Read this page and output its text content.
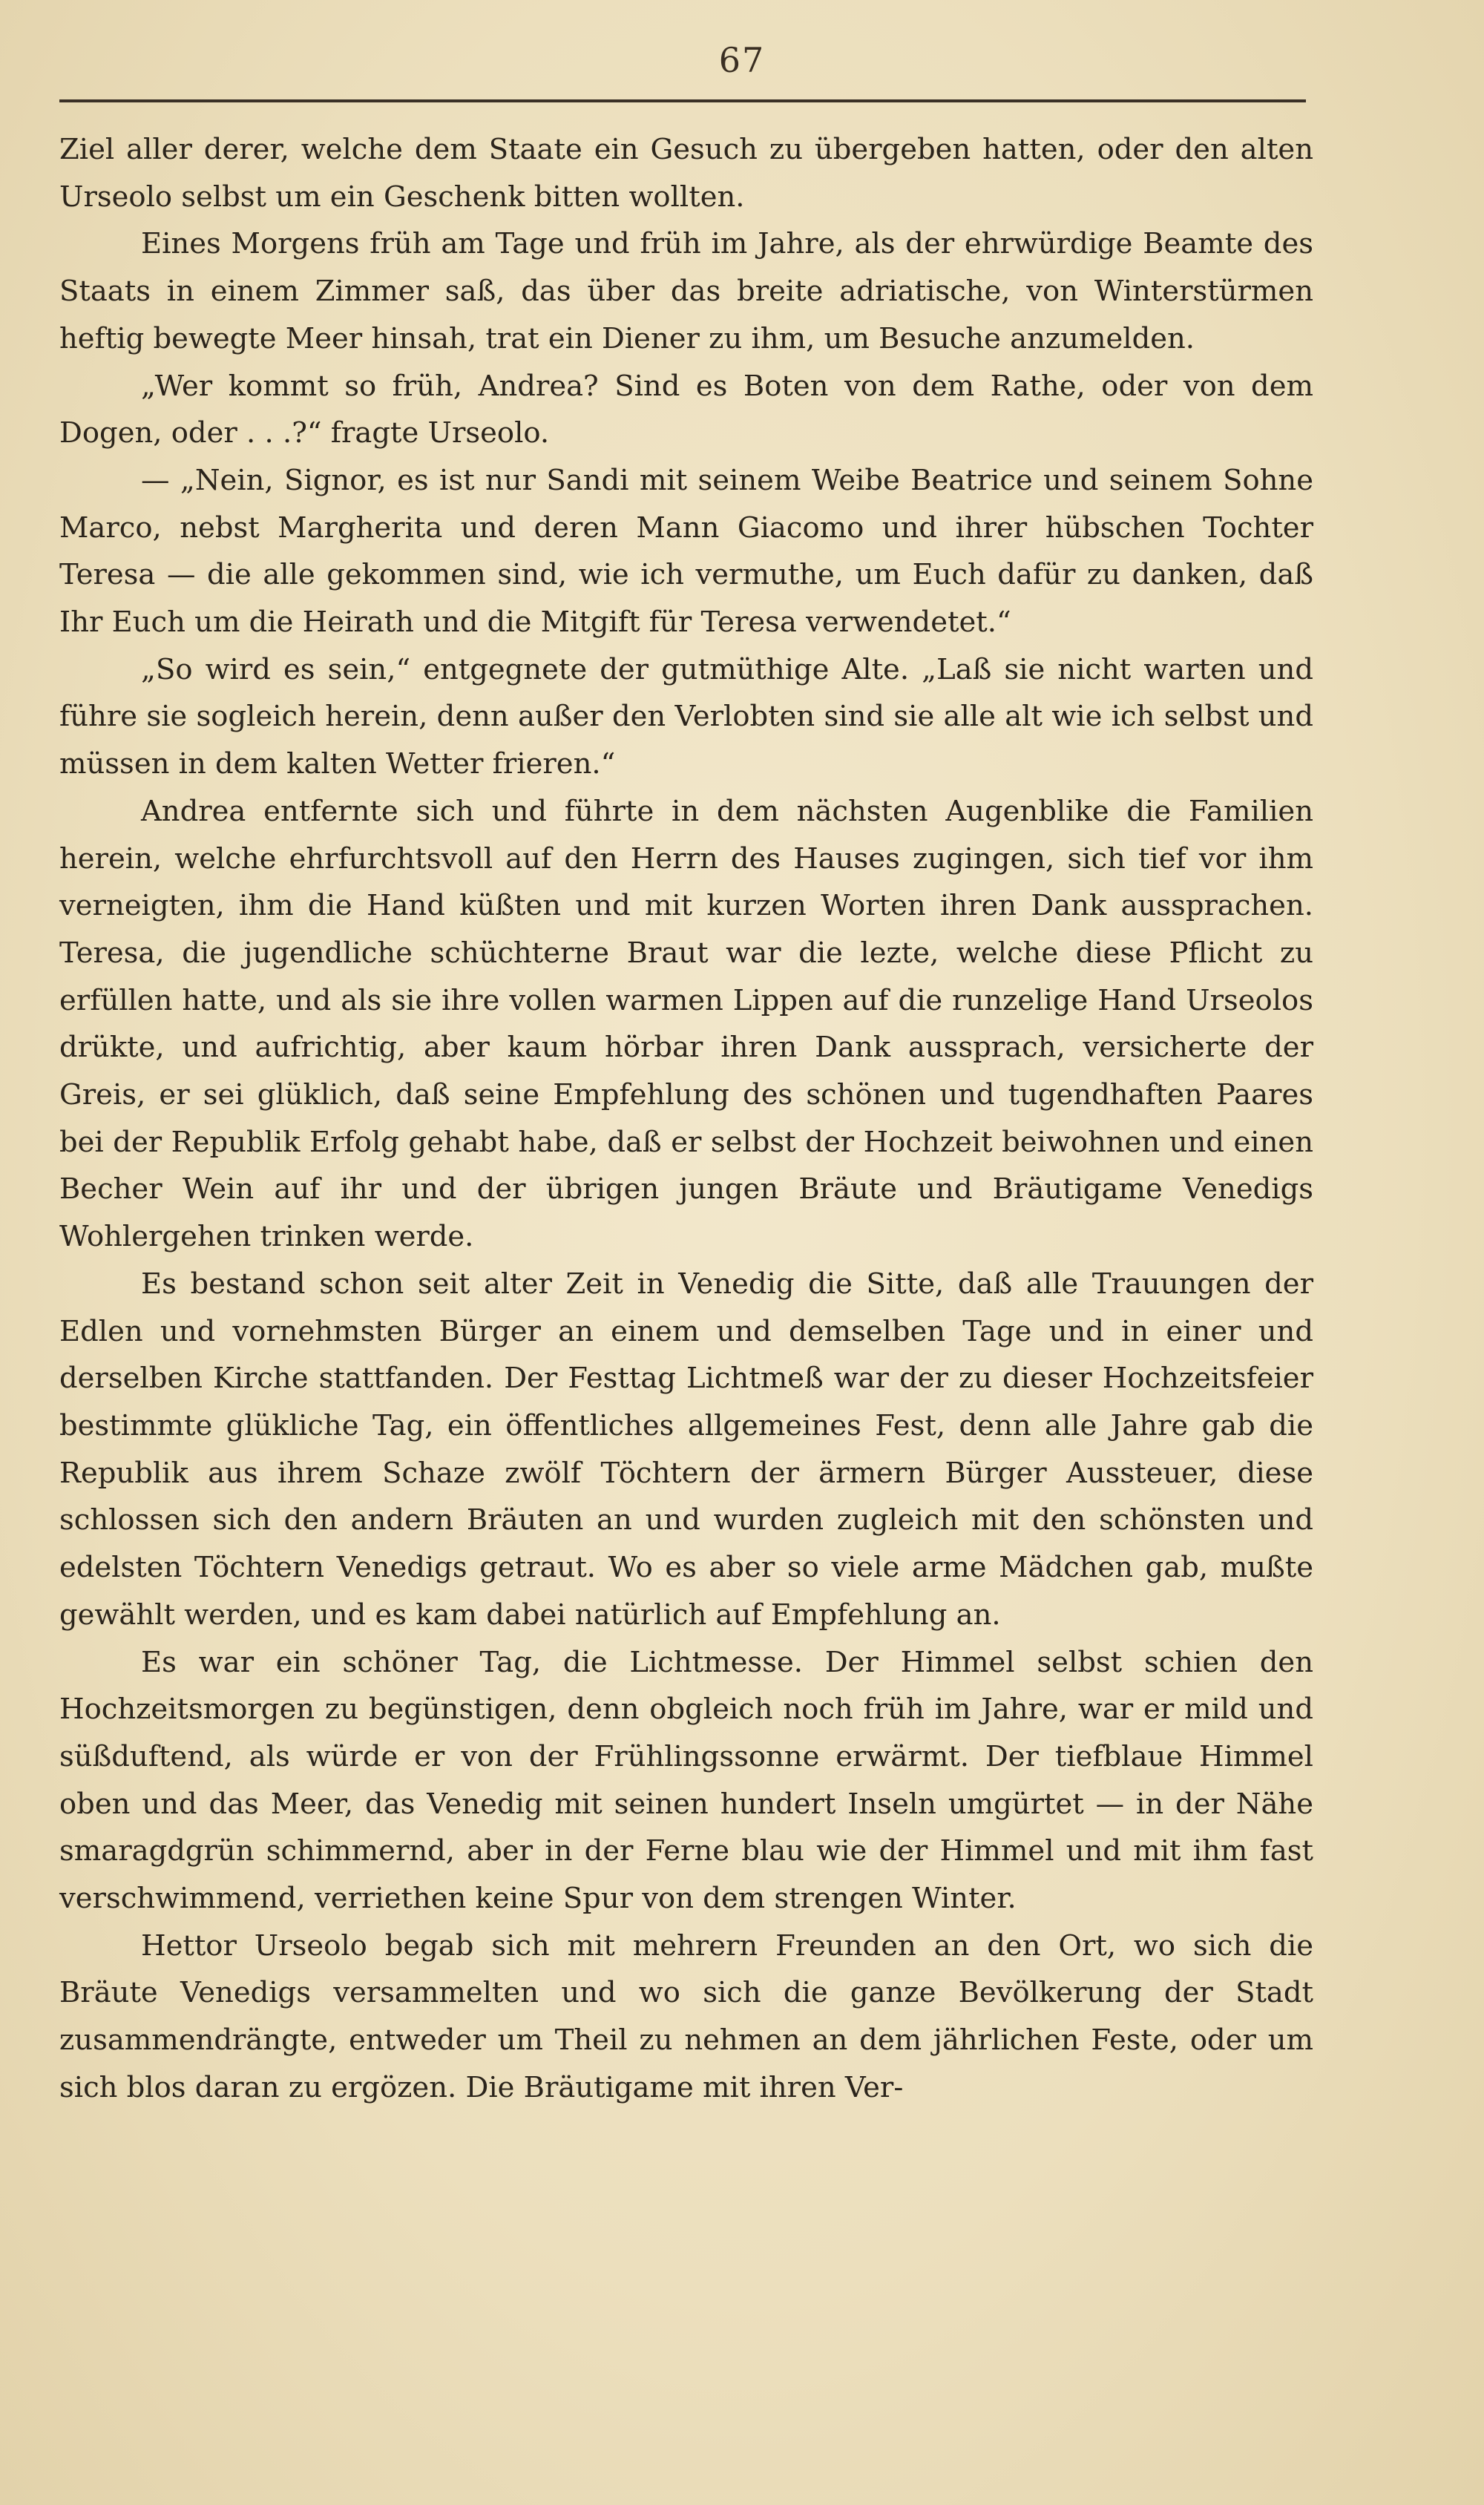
67

Ziel aller derer, welche dem Staate ein Gesuch zu übergeben hatten, oder den alten Urseolo selbst um ein Geschenk bitten wollten.

Eines Morgens früh am Tage und früh im Jahre, als der ehrwürdige Beamte des Staats in einem Zimmer saß, das über das breite adriatische, von Winterstürmen heftig bewegte Meer hinsah, trat ein Diener zu ihm, um Besuche anzumelden.

„Wer kommt so früh, Andrea? Sind es Boten von dem Rathe, oder von dem Dogen, oder . . .?“ fragte Urseolo.

— „Nein, Signor, es ist nur Sandi mit seinem Weibe Beatrice und seinem Sohne Marco, nebst Margherita und deren Mann Giacomo und ihrer hübschen Tochter Teresa — die alle gekommen sind, wie ich vermuthe, um Euch dafür zu danken, daß Ihr Euch um die Heirath und die Mitgift für Teresa verwendetet.“

„So wird es sein,“ entgegnete der gutmüthige Alte. „Laß sie nicht warten und führe sie sogleich herein, denn außer den Verlobten sind sie alle alt wie ich selbst und müssen in dem kalten Wetter frieren.“

Andrea entfernte sich und führte in dem nächsten Augenblike die Familien herein, welche ehrfurchtsvoll auf den Herrn des Hauses zugingen, sich tief vor ihm verneigten, ihm die Hand küßten und mit kurzen Worten ihren Dank aussprachen. Teresa, die jugendliche schüchterne Braut war die lezte, welche diese Pflicht zu erfüllen hatte, und als sie ihre vollen warmen Lippen auf die runzelige Hand Urseolos drükte, und aufrichtig, aber kaum hörbar ihren Dank aussprach, versicherte der Greis, er sei glüklich, daß seine Empfehlung des schönen und tugendhaften Paares bei der Republik Erfolg gehabt habe, daß er selbst der Hochzeit beiwohnen und einen Becher Wein auf ihr und der übrigen jungen Bräute und Bräutigame Venedigs Wohlergehen trinken werde.

Es bestand schon seit alter Zeit in Venedig die Sitte, daß alle Trauungen der Edlen und vornehmsten Bürger an einem und demselben Tage und in einer und derselben Kirche stattfanden. Der Festtag Lichtmeß war der zu dieser Hochzeitsfeier bestimmte glükliche Tag, ein öffentliches allgemeines Fest, denn alle Jahre gab die Republik aus ihrem Schaze zwölf Töchtern der ärmern Bürger Aussteuer, diese schlossen sich den andern Bräuten an und wurden zugleich mit den schönsten und edelsten Töchtern Venedigs getraut. Wo es aber so viele arme Mädchen gab, mußte gewählt werden, und es kam dabei natürlich auf Empfehlung an.

Es war ein schöner Tag, die Lichtmesse. Der Himmel selbst schien den Hochzeitsmorgen zu begünstigen, denn obgleich noch früh im Jahre, war er mild und süßduftend, als würde er von der Frühlingssonne erwärmt. Der tiefblaue Himmel oben und das Meer, das Venedig mit seinen hundert Inseln umgürtet — in der Nähe smaragdgrün schimmernd, aber in der Ferne blau wie der Himmel und mit ihm fast verschwimmend, verriethen keine Spur von dem strengen Winter.

Hettor Urseolo begab sich mit mehrern Freunden an den Ort, wo sich die Bräute Venedigs versammelten und wo sich die ganze Bevölkerung der Stadt zusammendrängte, entweder um Theil zu nehmen an dem jährlichen Feste, oder um sich blos daran zu ergözen. Die Bräutigame mit ihren Ver-
